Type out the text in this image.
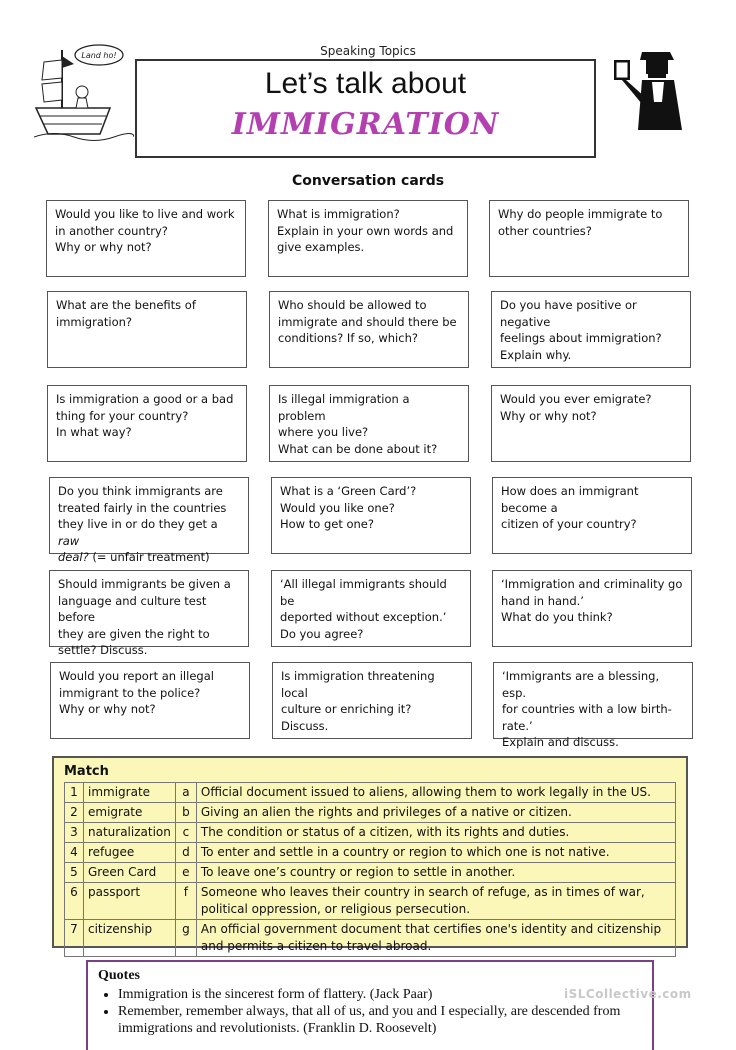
Speaking Topics
Land ho!
Let’s talk about
IMMIGRATION
Conversation cards
Would you like to live and work
in another country?
Why or why not?
What is immigration?
Explain in your own words and
give examples.
Why do people immigrate to
other countries?
What are the benefits of
immigration?
Who should be allowed to
immigrate and should there be
conditions? If so, which?
Do you have positive or negative
feelings about immigration?
Explain why.
Is immigration a good or a bad
thing for your country?
In what way?
Is illegal immigration a problem
where you live?
What can be done about it?
Would you ever emigrate?
Why or why not?
Do you think immigrants are
treated fairly in the countries
they live in or do they get a raw
deal? (= unfair treatment)
What is a ‘Green Card’?
Would you like one?
How to get one?
How does an immigrant become a
citizen of your country?
Should immigrants be given a
language and culture test before
they are given the right to
settle? Discuss.
‘All illegal immigrants should be
deported without exception.’
Do you agree?
‘Immigration and criminality go
hand in hand.’
What do you think?
Would you report an illegal
immigrant to the police?
Why or why not?
Is immigration threatening local
culture or enriching it?
Discuss.
‘Immigrants are a blessing, esp.
for countries with a low birth-
rate.’
Explain and discuss.
Match
1	immigrate	a	Official document issued to aliens, allowing them to work legally in the US.
2	emigrate	b	Giving an alien the rights and privileges of a native or citizen.
3	naturalization	c	The condition or status of a citizen, with its rights and duties.
4	refugee	d	To enter and settle in a country or region to which one is not native.
5	Green Card	e	To leave one’s country or region to settle in another.
6	passport	f	Someone who leaves their country in search of refuge, as in times of war, political oppression, or religious persecution.
7	citizenship	g	An official government document that certifies one's identity and citizenship and permits a citizen to travel abroad.
Quotes
• Immigration is the sincerest form of flattery. (Jack Paar)
• Remember, remember always, that all of us, and you and I especially, are descended from immigrations and revolutionists. (Franklin D. Roosevelt)
iSLCollective.com
